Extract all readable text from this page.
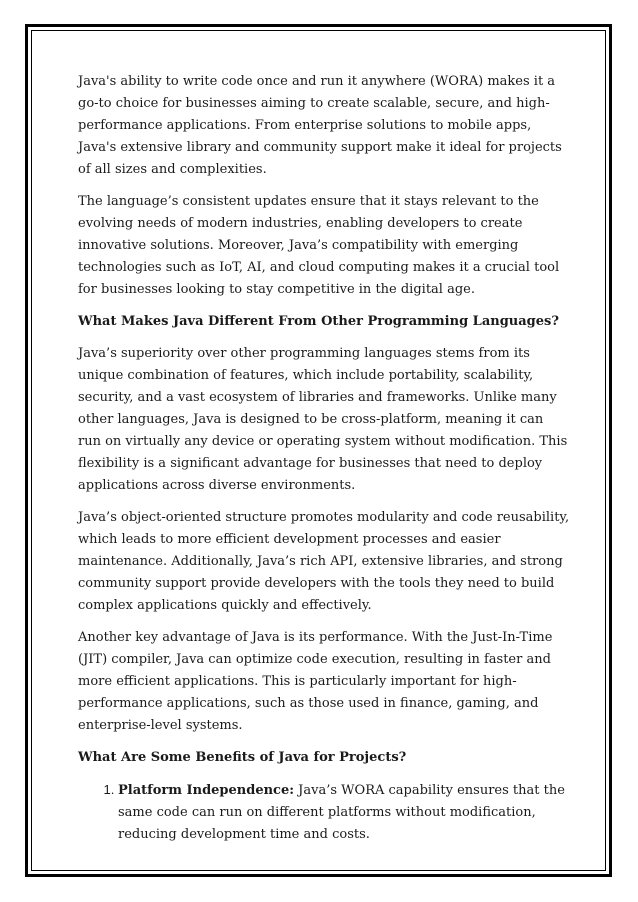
Java's ability to write code once and run it anywhere (WORA) makes it a go-to choice for businesses aiming to create scalable, secure, and high-performance applications. From enterprise solutions to mobile apps, Java's extensive library and community support make it ideal for projects of all sizes and complexities.

The language’s consistent updates ensure that it stays relevant to the evolving needs of modern industries, enabling developers to create innovative solutions. Moreover, Java’s compatibility with emerging technologies such as IoT, AI, and cloud computing makes it a crucial tool for businesses looking to stay competitive in the digital age.

What Makes Java Different From Other Programming Languages?

Java’s superiority over other programming languages stems from its unique combination of features, which include portability, scalability, security, and a vast ecosystem of libraries and frameworks. Unlike many other languages, Java is designed to be cross-platform, meaning it can run on virtually any device or operating system without modification. This flexibility is a significant advantage for businesses that need to deploy applications across diverse environments.

Java’s object-oriented structure promotes modularity and code reusability, which leads to more efficient development processes and easier maintenance. Additionally, Java’s rich API, extensive libraries, and strong community support provide developers with the tools they need to build complex applications quickly and effectively.

Another key advantage of Java is its performance. With the Just-In-Time (JIT) compiler, Java can optimize code execution, resulting in faster and more efficient applications. This is particularly important for high-performance applications, such as those used in finance, gaming, and enterprise-level systems.

What Are Some Benefits of Java for Projects?
1. Platform Independence: Java’s WORA capability ensures that the same code can run on different platforms without modification, reducing development time and costs.
